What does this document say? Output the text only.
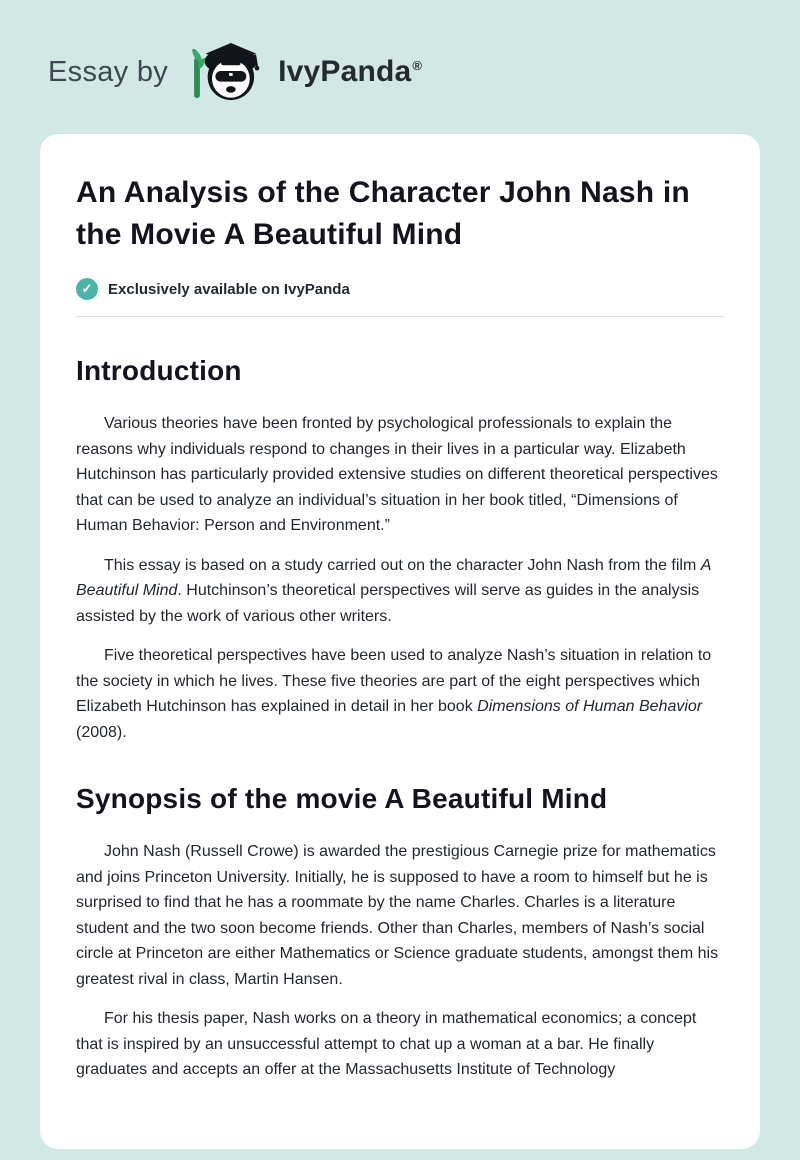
Essay by	IvyPanda®
An Analysis of the Character John Nash in the Movie A Beautiful Mind
✓	Exclusively available on IvyPanda
Introduction

Various theories have been fronted by psychological professionals to explain the reasons why individuals respond to changes in their lives in a particular way. Elizabeth Hutchinson has particularly provided extensive studies on different theoretical perspectives that can be used to analyze an individual’s situation in her book titled, “Dimensions of Human Behavior: Person and Environment.”

This essay is based on a study carried out on the character John Nash from the film A Beautiful Mind. Hutchinson’s theoretical perspectives will serve as guides in the analysis assisted by the work of various other writers.

Five theoretical perspectives have been used to analyze Nash’s situation in relation to the society in which he lives. These five theories are part of the eight perspectives which Elizabeth Hutchinson has explained in detail in her book Dimensions of Human Behavior (2008).

Synopsis of the movie A Beautiful Mind

John Nash (Russell Crowe) is awarded the prestigious Carnegie prize for mathematics and joins Princeton University. Initially, he is supposed to have a room to himself but he is surprised to find that he has a roommate by the name Charles. Charles is a literature student and the two soon become friends. Other than Charles, members of Nash’s social circle at Princeton are either Mathematics or Science graduate students, amongst them his greatest rival in class, Martin Hansen.

For his thesis paper, Nash works on a theory in mathematical economics; a concept that is inspired by an unsuccessful attempt to chat up a woman at a bar. He finally graduates and accepts an offer at the Massachusetts Institute of Technology
